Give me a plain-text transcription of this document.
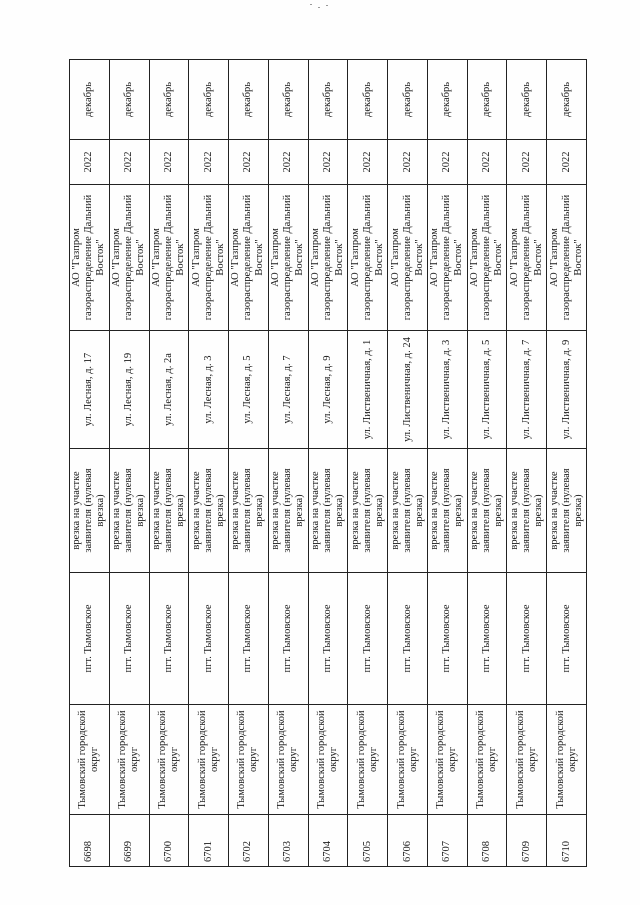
6698	Тымовский городской округ	пгт. Тымовское	врезка на участке заявителя (нулевая врезка)	ул. Лесная, д. 17	АО "Газпром газораспределение Дальний Восток"	2022	декабрь
6699	Тымовский городской округ	пгт. Тымовское	врезка на участке заявителя (нулевая врезка)	ул. Лесная, д. 19	АО "Газпром газораспределение Дальний Восток"	2022	декабрь
6700	Тымовский городской округ	пгт. Тымовское	врезка на участке заявителя (нулевая врезка)	ул. Лесная, д. 2а	АО "Газпром газораспределение Дальний Восток"	2022	декабрь
6701	Тымовский городской округ	пгт. Тымовское	врезка на участке заявителя (нулевая врезка)	ул. Лесная, д. 3	АО "Газпром газораспределение Дальний Восток"	2022	декабрь
6702	Тымовский городской округ	пгт. Тымовское	врезка на участке заявителя (нулевая врезка)	ул. Лесная, д. 5	АО "Газпром газораспределение Дальний Восток"	2022	декабрь
6703	Тымовский городской округ	пгт. Тымовское	врезка на участке заявителя (нулевая врезка)	ул. Лесная, д. 7	АО "Газпром газораспределение Дальний Восток"	2022	декабрь
6704	Тымовский городской округ	пгт. Тымовское	врезка на участке заявителя (нулевая врезка)	ул. Лесная, д. 9	АО "Газпром газораспределение Дальний Восток"	2022	декабрь
6705	Тымовский городской округ	пгт. Тымовское	врезка на участке заявителя (нулевая врезка)	ул. Лиственичная, д. 1	АО "Газпром газораспределение Дальний Восток"	2022	декабрь
6706	Тымовский городской округ	пгт. Тымовское	врезка на участке заявителя (нулевая врезка)	ул. Лиственичная, д. 24	АО "Газпром газораспределение Дальний Восток"	2022	декабрь
6707	Тымовский городской округ	пгт. Тымовское	врезка на участке заявителя (нулевая врезка)	ул. Лиственичная, д. 3	АО "Газпром газораспределение Дальний Восток"	2022	декабрь
6708	Тымовский городской округ	пгт. Тымовское	врезка на участке заявителя (нулевая врезка)	ул. Лиственичная, д. 5	АО "Газпром газораспределение Дальний Восток"	2022	декабрь
6709	Тымовский городской округ	пгт. Тымовское	врезка на участке заявителя (нулевая врезка)	ул. Лиственичная, д. 7	АО "Газпром газораспределение Дальний Восток"	2022	декабрь
6710	Тымовский городской округ	пгт. Тымовское	врезка на участке заявителя (нулевая врезка)	ул. Лиственичная, д. 9	АО "Газпром газораспределение Дальний Восток"	2022	декабрь
